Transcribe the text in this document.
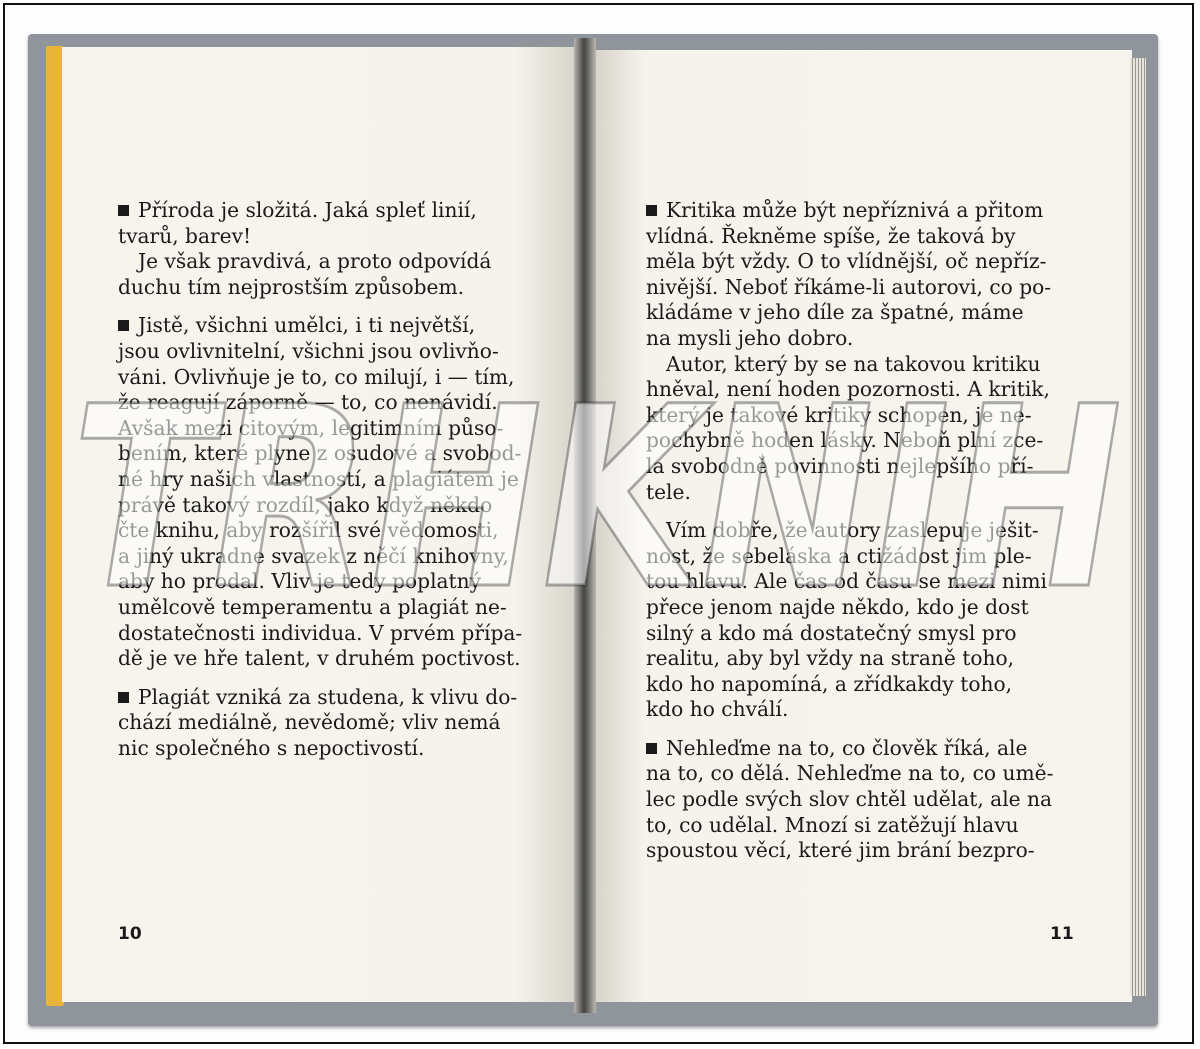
Příroda je složitá. Jaká spleť linií,
tvarů, barev!
Je však pravdivá, a proto odpovídá
duchu tím nejprostším způsobem.
Jistě, všichni umělci, i ti největší,
jsou ovlivnitelní, všichni jsou ovlivňo-
váni. Ovlivňuje je to, co milují, i — tím,
že reagují záporně — to, co nenávidí.
Avšak mezi citovým, legitimním půso-
bením, které plyne z osudové a svobod-
né hry našich vlastností, a plagiátem je
právě takový rozdíl, jako když někdo
čte knihu, aby rozšířil své vědomosti,
a jiný ukradne svazek z něčí knihovny,
aby ho prodal. Vliv je tedy poplatný
umělcově temperamentu a plagiát ne-
dostatečnosti individua. V prvém přípa-
dě je ve hře talent, v druhém poctivost.
Plagiát vzniká za studena, k vlivu do-
chází mediálně, nevědomě; vliv nemá
nic společného s nepoctivostí.
Kritika může být nepříznivá a přitom
vlídná. Řekněme spíše, že taková by
měla být vždy. O to vlídnější, oč nepříz-
nivější. Neboť říkáme-li autorovi, co po-
kládáme v jeho díle za špatné, máme
na mysli jeho dobro.
Autor, který by se na takovou kritiku
hněval, není hoden pozornosti. A kritik,
který je takové kritiky schopen, je ne-
pochybně hoden lásky. Neboň plní zce-
la svobodně povinnosti nejlepšího pří-
tele.
Vím dobře, že autory zaslepuje ješit-
nost, že sebeláska a ctižádost jim ple-
tou hlavu. Ale čas od času se mezi nimi
přece jenom najde někdo, kdo je dost
silný a kdo má dostatečný smysl pro
realitu, aby byl vždy na straně toho,
kdo ho napomíná, a zřídkakdy toho,
kdo ho chválí.
Nehleďme na to, co člověk říká, ale
na to, co dělá. Nehleďme na to, co umě-
lec podle svých slov chtěl udělat, ale na
to, co udělal. Mnozí si zatěžují hlavu
spoustou věcí, které jim brání bezpro-
10	11
TRHKNIH
